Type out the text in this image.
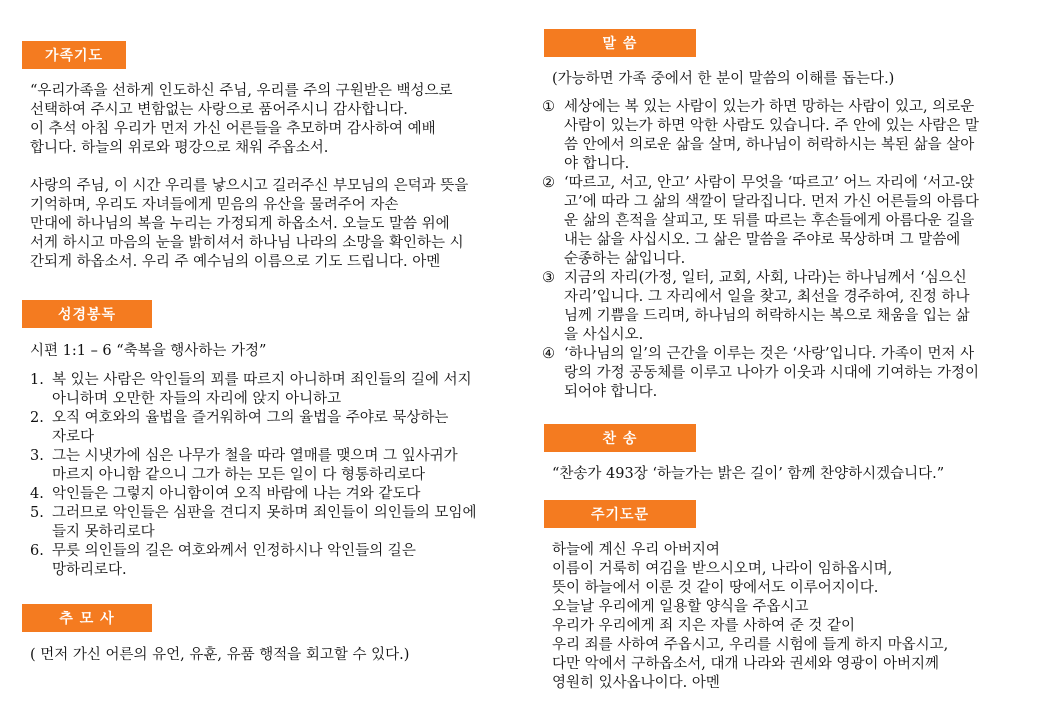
가족기도
“우리가족을 선하게 인도하신 주님, 우리를 주의 구원받은 백성으로
선택하여 주시고 변함없는 사랑으로 품어주시니 감사합니다.
이 추석 아침 우리가 먼저 가신 어른들을 추모하며 감사하여 예배
합니다. 하늘의 위로와 평강으로 채워 주옵소서.
사랑의 주님, 이 시간 우리를 낳으시고 길러주신 부모님의 은덕과 뜻을
기억하며, 우리도 자녀들에게 믿음의 유산을 물려주어 자손
만대에 하나님의 복을 누리는 가정되게 하옵소서. 오늘도 말씀 위에
서게 하시고 마음의 눈을 밝히셔서 하나님 나라의 소망을 확인하는 시
간되게 하옵소서. 우리 주 예수님의 이름으로 기도 드립니다. 아멘
성경봉독
시편 1:1 – 6 “축복을 행사하는 가정”
1. 복 있는 사람은 악인들의 꾀를 따르지 아니하며 죄인들의 길에 서지
아니하며 오만한 자들의 자리에 앉지 아니하고
2. 오직 여호와의 율법을 즐거워하여 그의 율법을 주야로 묵상하는
자로다
3. 그는 시냇가에 심은 나무가 철을 따라 열매를 맺으며 그 잎사귀가
마르지 아니함 같으니 그가 하는 모든 일이 다 형통하리로다
4. 악인들은 그렇지 아니함이여 오직 바람에 나는 겨와 같도다
5. 그러므로 악인들은 심판을 견디지 못하며 죄인들이 의인들의 모임에
들지 못하리로다
6. 무릇 의인들의 길은 여호와께서 인정하시나 악인들의 길은
망하리로다.
추 모 사
( 먼저 가신 어른의 유언, 유훈, 유품 행적을 회고할 수 있다.)
말 씀
(가능하면 가족 중에서 한 분이 말씀의 이해를 돕는다.)
① 세상에는 복 있는 사람이 있는가 하면 망하는 사람이 있고, 의로운
사람이 있는가 하면 악한 사람도 있습니다. 주 안에 있는 사람은 말
씀 안에서 의로운 삶을 살며, 하나님이 허락하시는 복된 삶을 살아
야 합니다.
② ‘따르고, 서고, 안고’ 사람이 무엇을 ‘따르고’ 어느 자리에 ‘서고-앉
고’에 따라 그 삶의 색깔이 달라집니다. 먼저 가신 어른들의 아름다
운 삶의 흔적을 살피고, 또 뒤를 따르는 후손들에게 아름다운 길을
내는 삶을 사십시오. 그 삶은 말씀을 주야로 묵상하며 그 말씀에
순종하는 삶입니다.
③ 지금의 자리(가정, 일터, 교회, 사회, 나라)는 하나님께서 ‘심으신
자리’입니다. 그 자리에서 일을 찾고, 최선을 경주하여, 진정 하나
님께 기쁨을 드리며, 하나님의 허락하시는 복으로 채움을 입는 삶
을 사십시오.
④ ‘하나님의 일’의 근간을 이루는 것은 ‘사랑’입니다. 가족이 먼저 사
랑의 가정 공동체를 이루고 나아가 이웃과 시대에 기여하는 가정이
되어야 합니다.
찬 송
“찬송가 493장 ‘하늘가는 밝은 길이’ 함께 찬양하시겠습니다.”
주기도문
하늘에 계신 우리 아버지여
이름이 거룩히 여김을 받으시오며, 나라이 임하옵시며,
뜻이 하늘에서 이룬 것 같이 땅에서도 이루어지이다.
오늘날 우리에게 일용할 양식을 주옵시고
우리가 우리에게 죄 지은 자를 사하여 준 것 같이
우리 죄를 사하여 주옵시고, 우리를 시험에 들게 하지 마옵시고,
다만 악에서 구하옵소서, 대개 나라와 권세와 영광이 아버지께
영원히 있사옵나이다. 아멘
